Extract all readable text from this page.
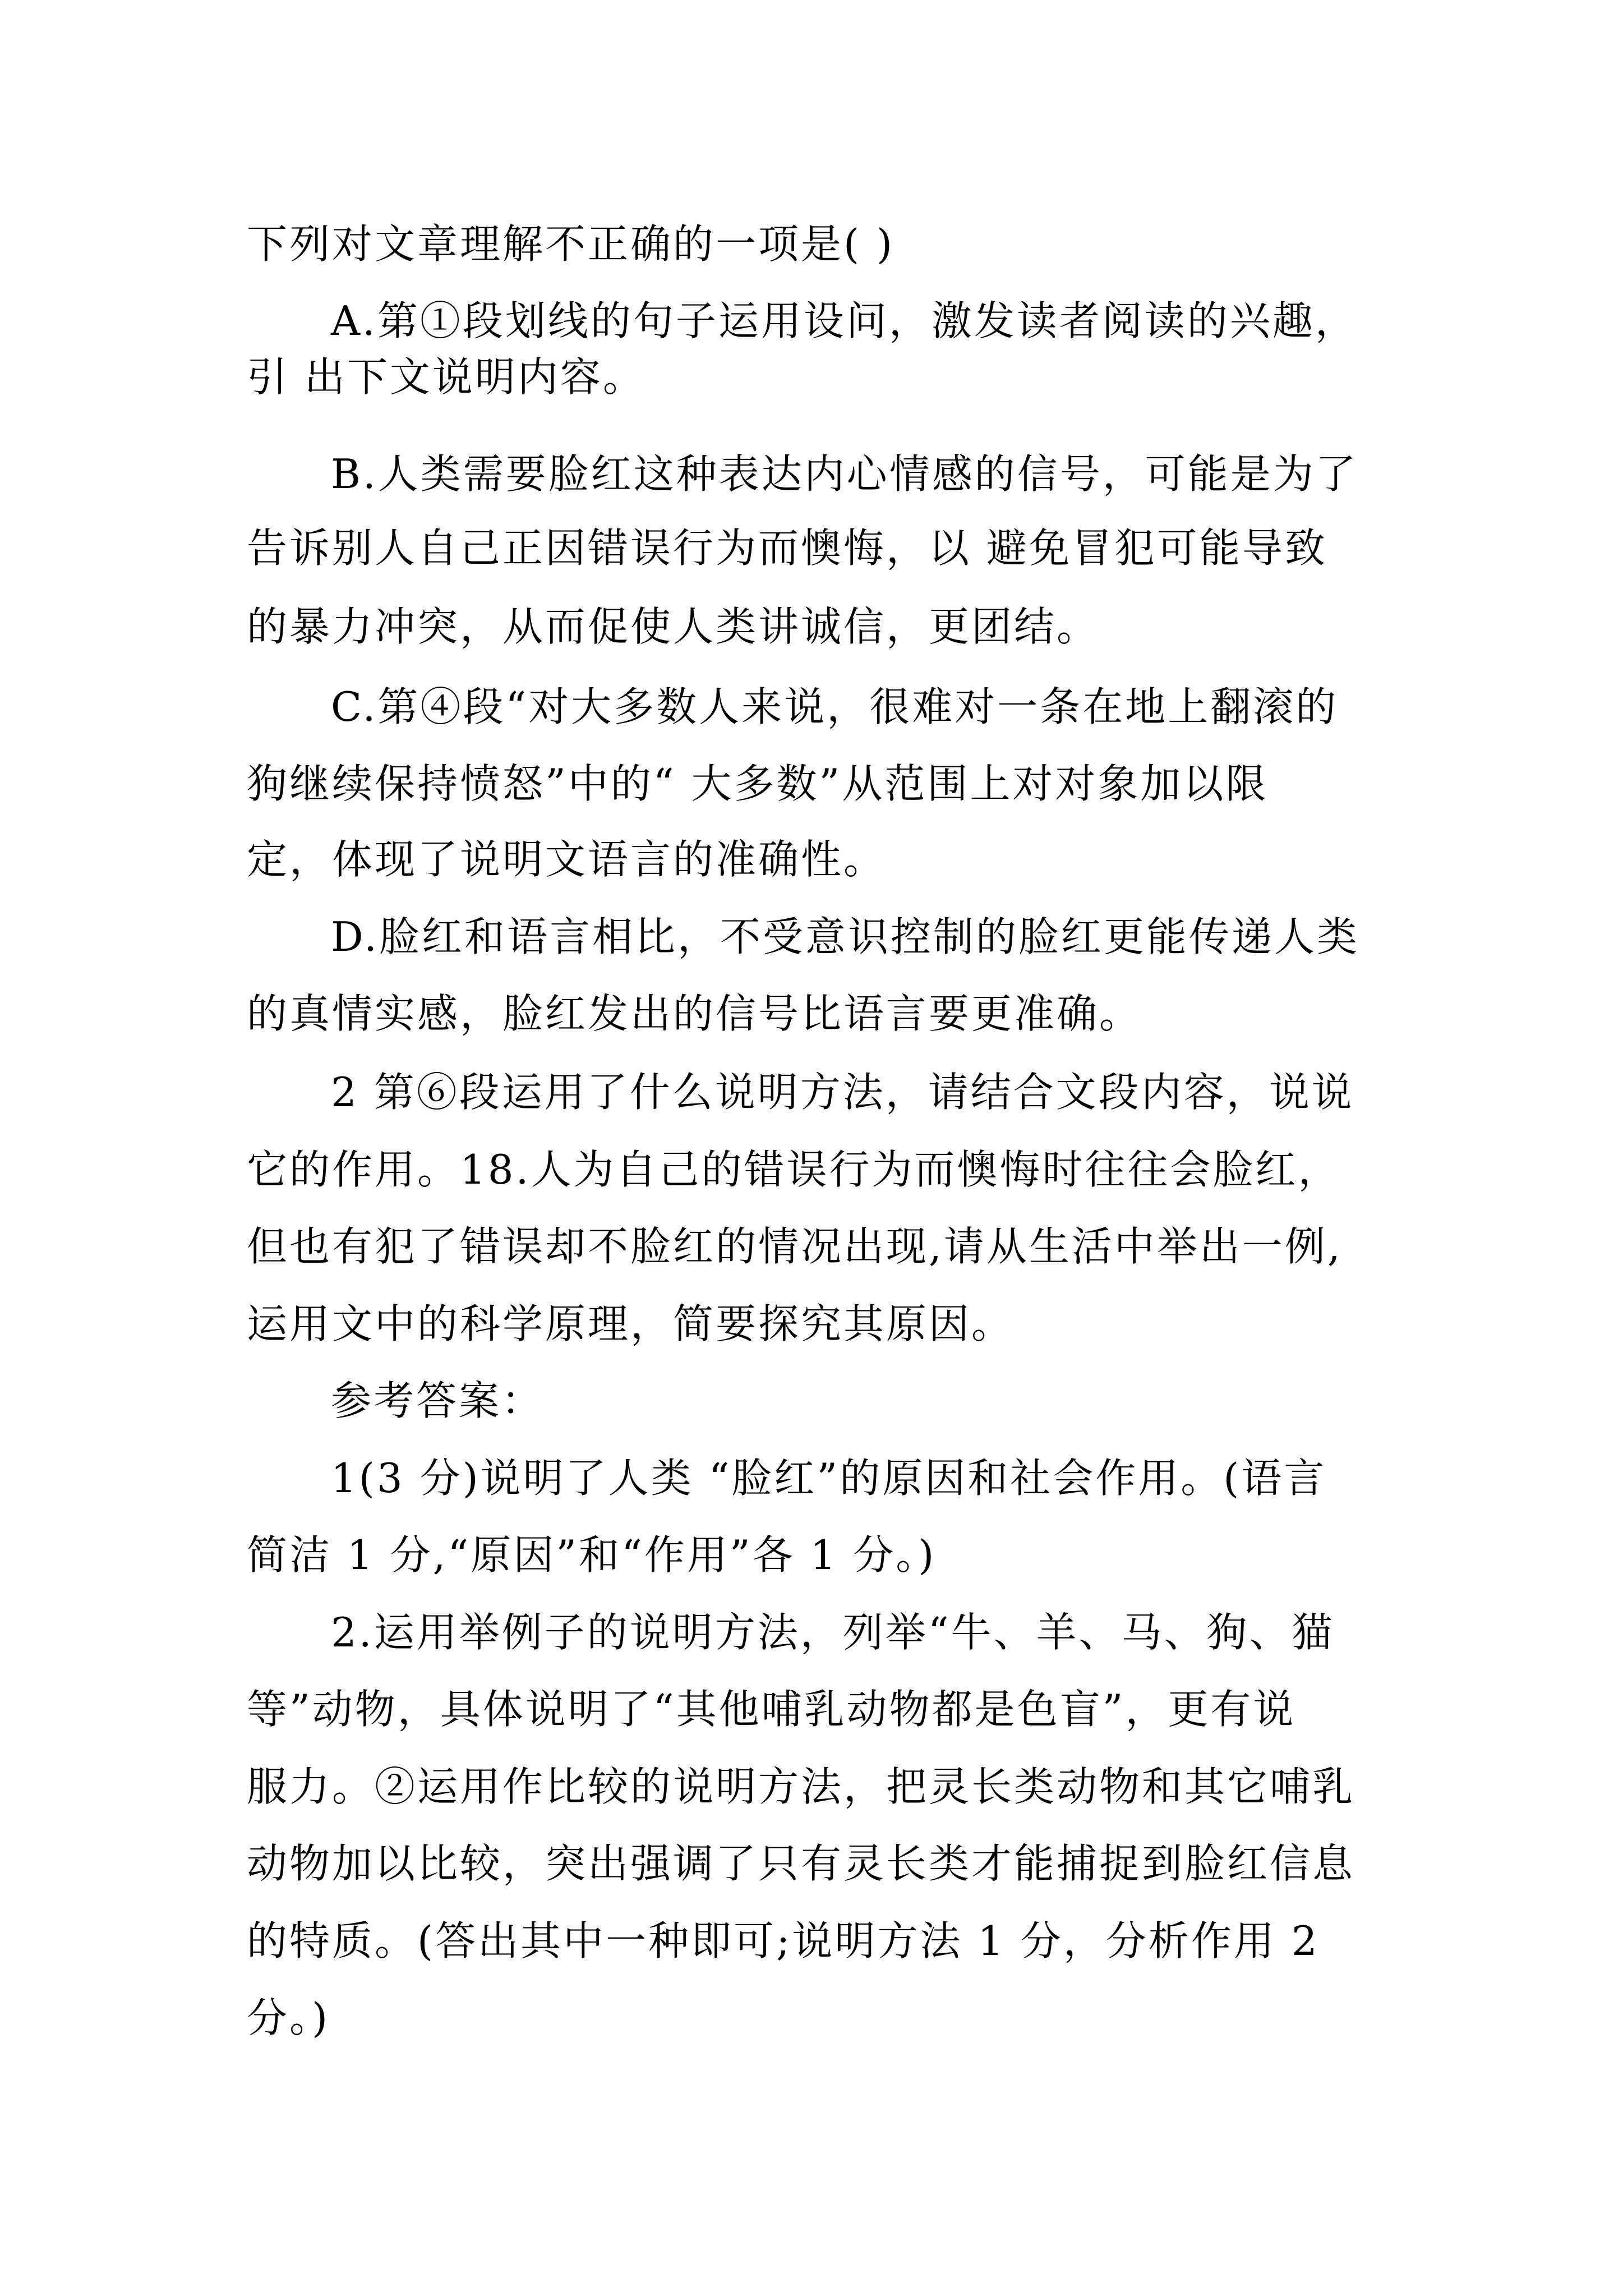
下列对文章理解不正确的一项是( )
A.第①段划线的句子运用设问，激发读者阅读的兴趣，
引 出下文说明内容。
B.人类需要脸红这种表达内心情感的信号，可能是为了
告诉别人自己正因错误行为而懊悔，以 避免冒犯可能导致
的暴力冲突，从而促使人类讲诚信，更团结。
C.第④段“对大多数人来说，很难对一条在地上翻滚的
狗继续保持愤怒”中的“ 大多数”从范围上对对象加以限
定，体现了说明文语言的准确性。
D.脸红和语言相比，不受意识控制的脸红更能传递人类
的真情实感，脸红发出的信号比语言要更准确。
2 第⑥段运用了什么说明方法，请结合文段内容，说说
它的作用。18.人为自己的错误行为而懊悔时往往会脸红，
但也有犯了错误却不脸红的情况出现,请从生活中举出一例,
运用文中的科学原理，简要探究其原因。
参考答案：
1(3 分)说明了人类 “脸红”的原因和社会作用。(语言
简洁 1 分,“原因”和“作用”各 1 分。)
2.运用举例子的说明方法，列举“牛、羊、马、狗、猫
等”动物，具体说明了“其他哺乳动物都是色盲”，更有说
服力。②运用作比较的说明方法，把灵长类动物和其它哺乳
动物加以比较，突出强调了只有灵长类才能捕捉到脸红信息
的特质。(答出其中一种即可;说明方法 1 分，分析作用 2
分。)
